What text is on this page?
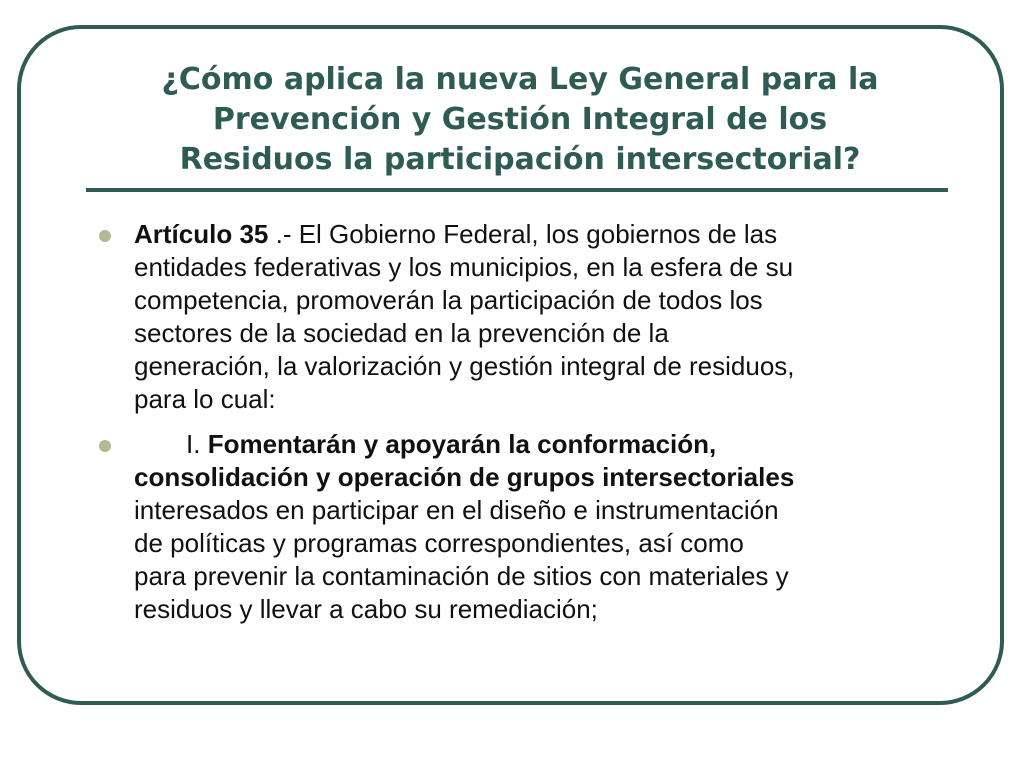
¿Cómo aplica la nueva Ley General para la
Prevención y Gestión Integral de los
Residuos la participación intersectorial?
Artículo 35 .- El Gobierno Federal, los gobiernos de las
entidades federativas y los municipios, en la esfera de su
competencia, promoverán la participación de todos los
sectores de la sociedad en la prevención de la
generación, la valorización y gestión integral de residuos,
para lo cual:
I. Fomentarán y apoyarán la conformación,
consolidación y operación de grupos intersectoriales
interesados en participar en el diseño e instrumentación
de políticas y programas correspondientes, así como
para prevenir la contaminación de sitios con materiales y
residuos y llevar a cabo su remediación;
